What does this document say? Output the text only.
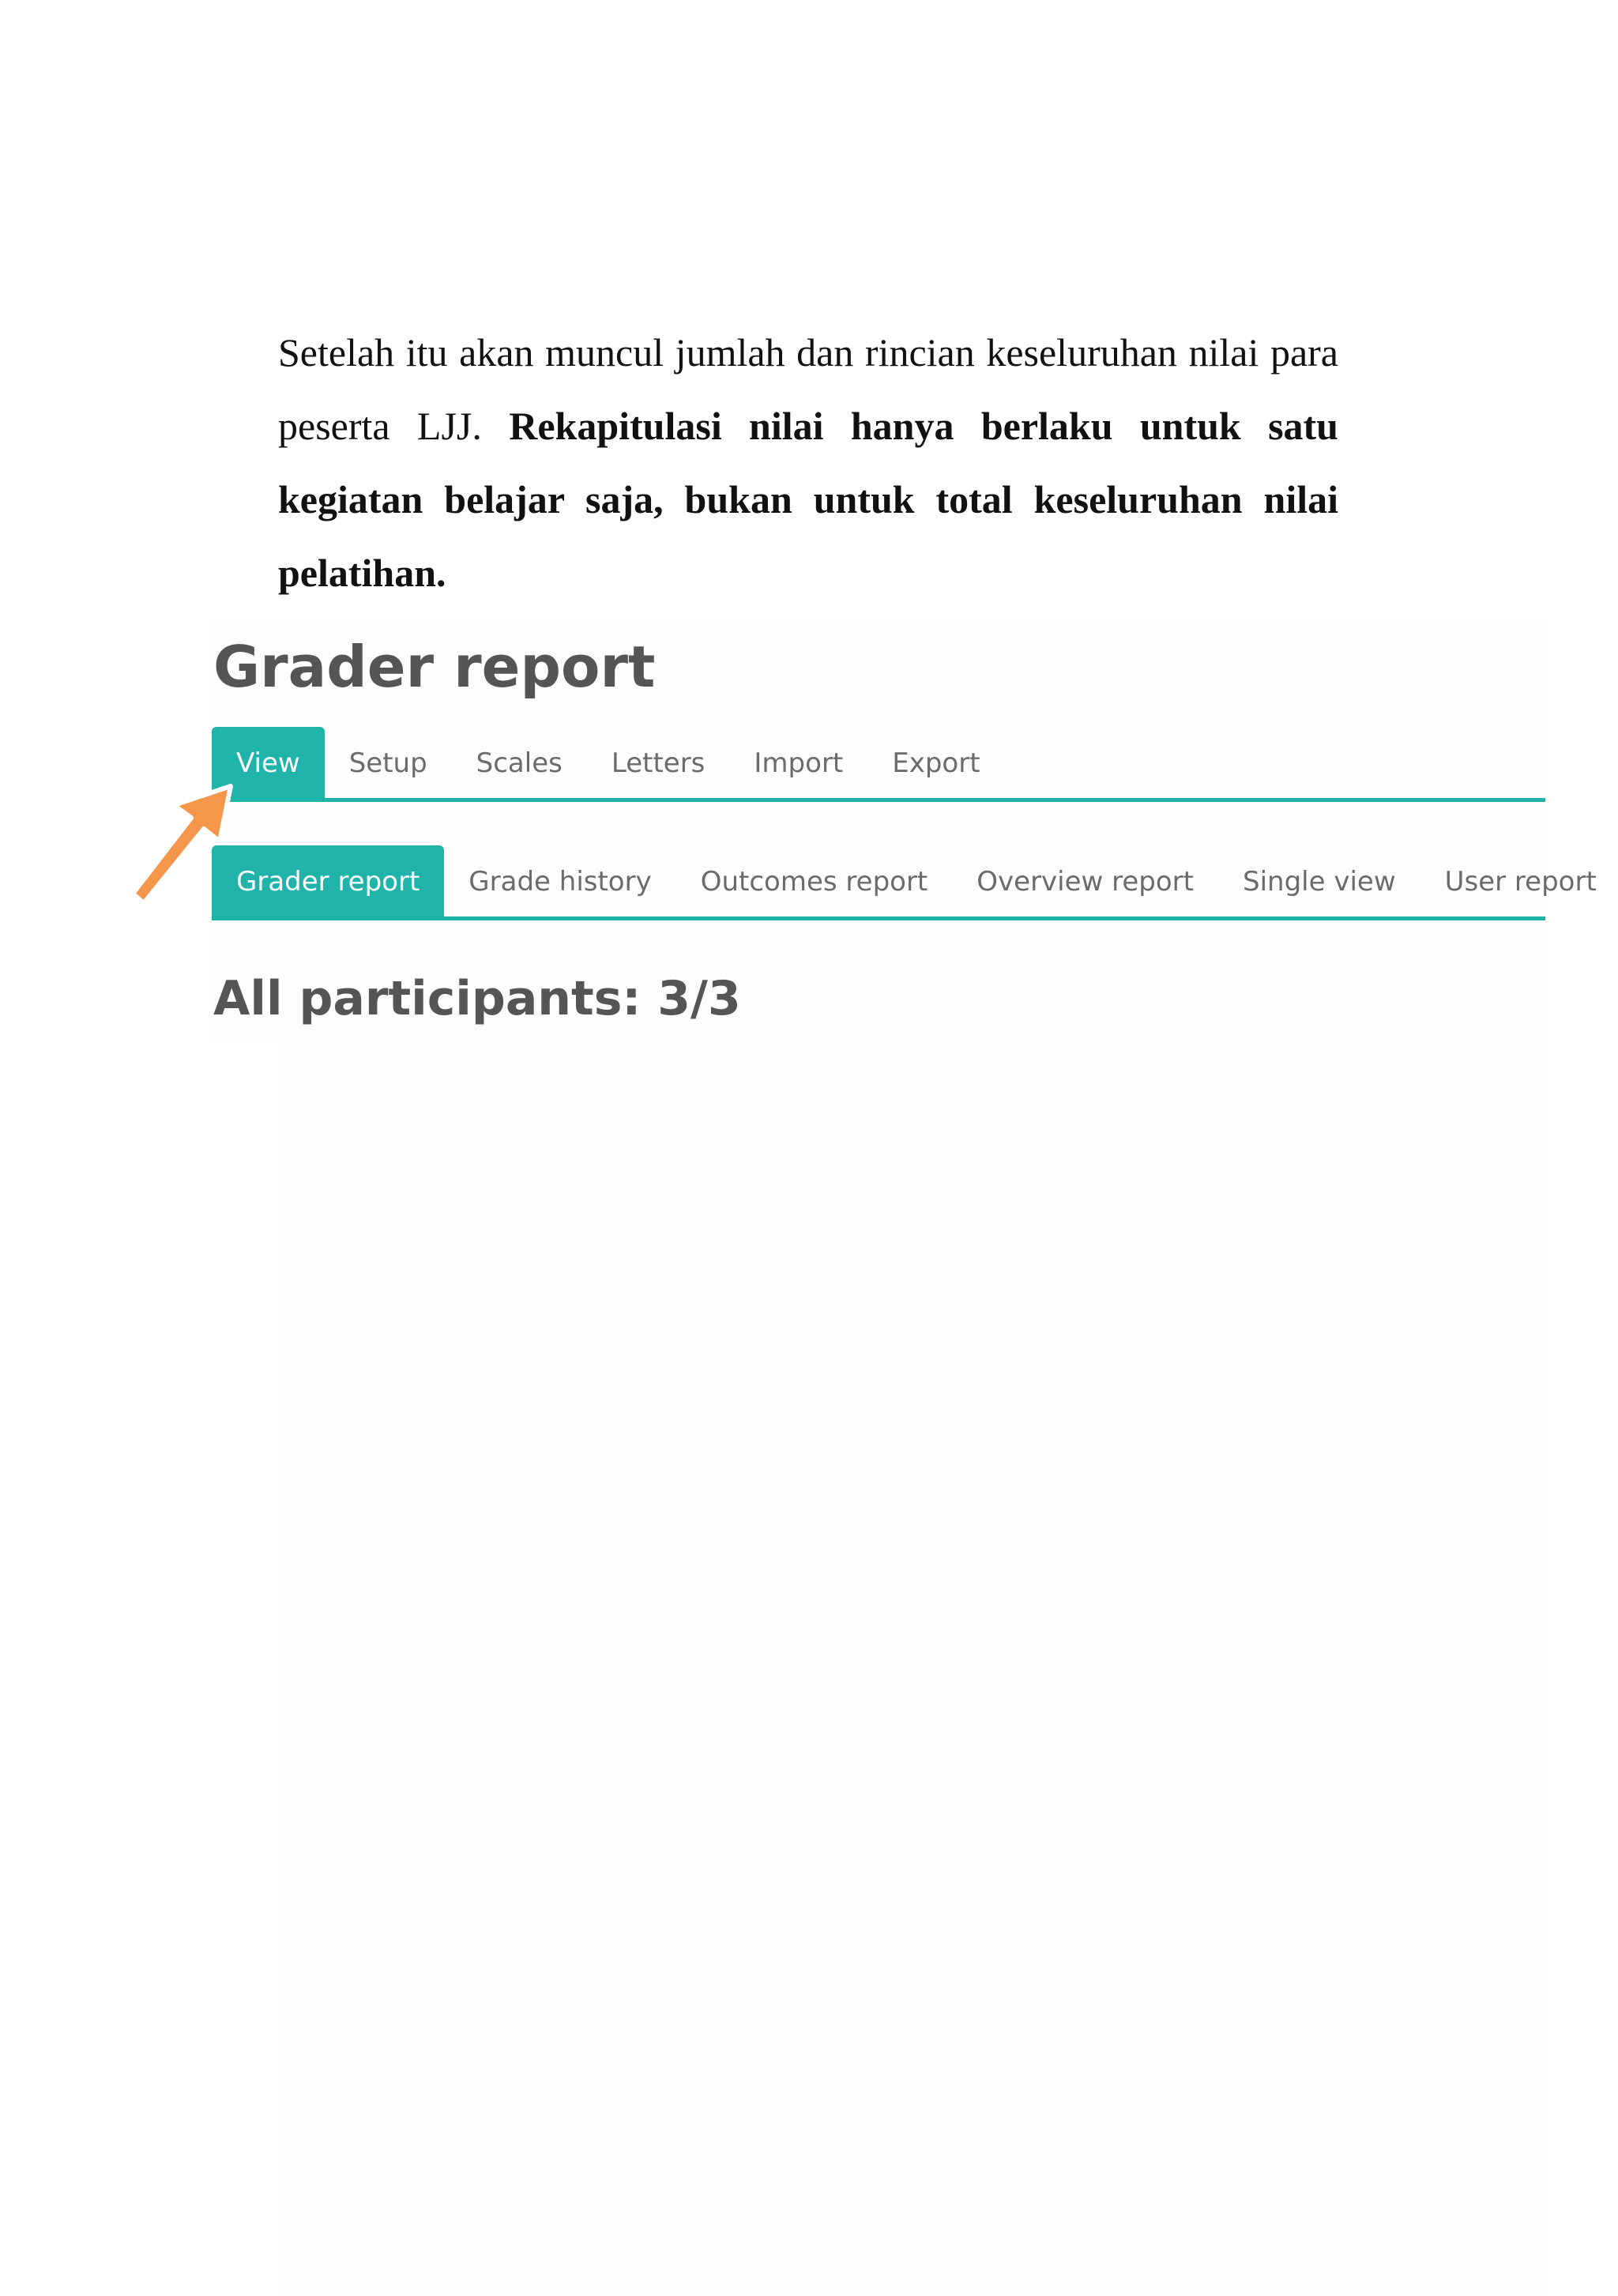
Setelah itu akan muncul jumlah dan rincian keseluruhan nilai para peserta LJJ. Rekapitulasi nilai hanya berlaku untuk satu kegiatan belajar saja, bukan untuk total keseluruhan nilai pelatihan.
Grader report
View	Setup	Scales	Letters	Import	Export
Grader report	Grade history	Outcomes report	Overview report	Single view	User report
All participants: 3/3
